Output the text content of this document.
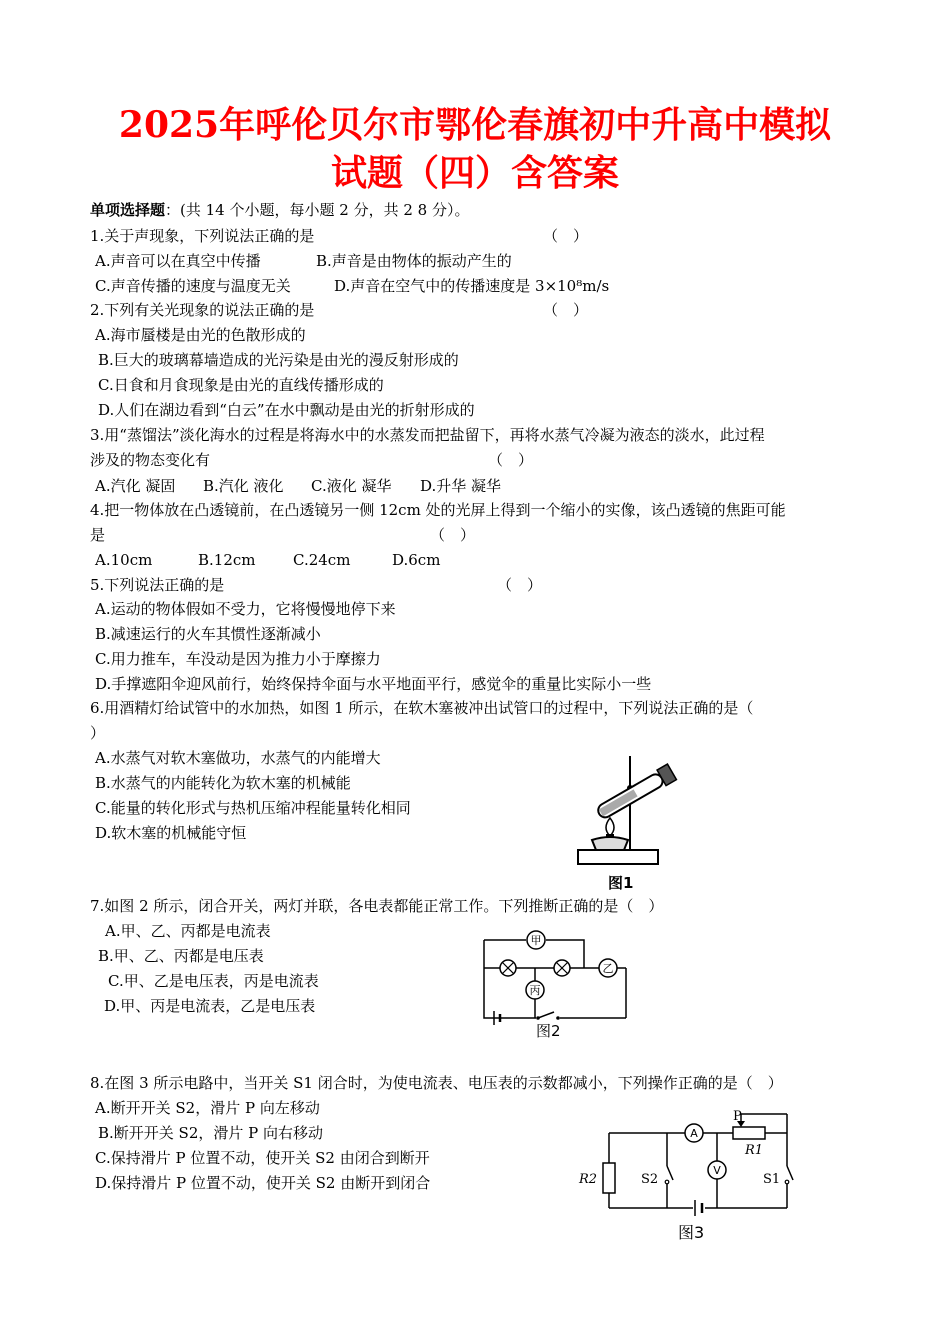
2025年呼伦贝尔市鄂伦春旗初中升高中模拟
试题（四）含答案
单项选择题：(共 14 个小题，每小题 2 分，共 2 8 分）。
1.关于声现象，下列说法正确的是	（　）
A.声音可以在真空中传播	B.声音是由物体的振动产生的
C.声音传播的速度与温度无关	D.声音在空气中的传播速度是 3×10⁸m/s
2.下列有关光现象的说法正确的是	（　）
A.海市蜃楼是由光的色散形成的
B.巨大的玻璃幕墙造成的光污染是由光的漫反射形成的
C.日食和月食现象是由光的直线传播形成的
D.人们在湖边看到“白云”在水中飘动是由光的折射形成的
3.用“蒸馏法”淡化海水的过程是将海水中的水蒸发而把盐留下，再将水蒸气冷凝为液态的淡水，此过程
涉及的物态变化有	（　）
A.汽化 凝固 B.汽化 液化 C.液化 凝华 D.升华 凝华
4.把一物体放在凸透镜前，在凸透镜另一侧 12cm 处的光屏上得到一个缩小的实像，该凸透镜的焦距可能
是	（　）
A.10cm	B.12cm C.24cm	D.6cm
5.下列说法正确的是	（　）
A.运动的物体假如不受力，它将慢慢地停下来
B.减速运行的火车其惯性逐渐减小
C.用力推车，车没动是因为推力小于摩擦力
D.手撑遮阳伞迎风前行，始终保持伞面与水平地面平行，感觉伞的重量比实际小一些
6.用酒精灯给试管中的水加热，如图 1 所示，在软木塞被冲出试管口的过程中，下列说法正确的是（
）
A.水蒸气对软木塞做功，水蒸气的内能增大
B.水蒸气的内能转化为软木塞的机械能
C.能量的转化形式与热机压缩冲程能量转化相同
D.软木塞的机械能守恒
图1
7.如图 2 所示，闭合开关，两灯并联，各电表都能正常工作。下列推断正确的是（　）
A.甲、乙、丙都是电流表
B.甲、乙、丙都是电压表
C.甲、乙是电压表，丙是电流表
D.甲、丙是电流表，乙是电压表
甲
乙
丙
图2
8.在图 3 所示电路中，当开关 S1 闭合时，为使电流表、电压表的示数都减小，下列操作正确的是（　）
A.断开开关 S2，滑片 P 向左移动
B.断开开关 S2，滑片 P 向右移动
C.保持滑片 P 位置不动，使开关 S2 由闭合到断开
D.保持滑片 P 位置不动，使开关 S2 由断开到闭合
A
V
P
R1
R2	S2	S1
图3
